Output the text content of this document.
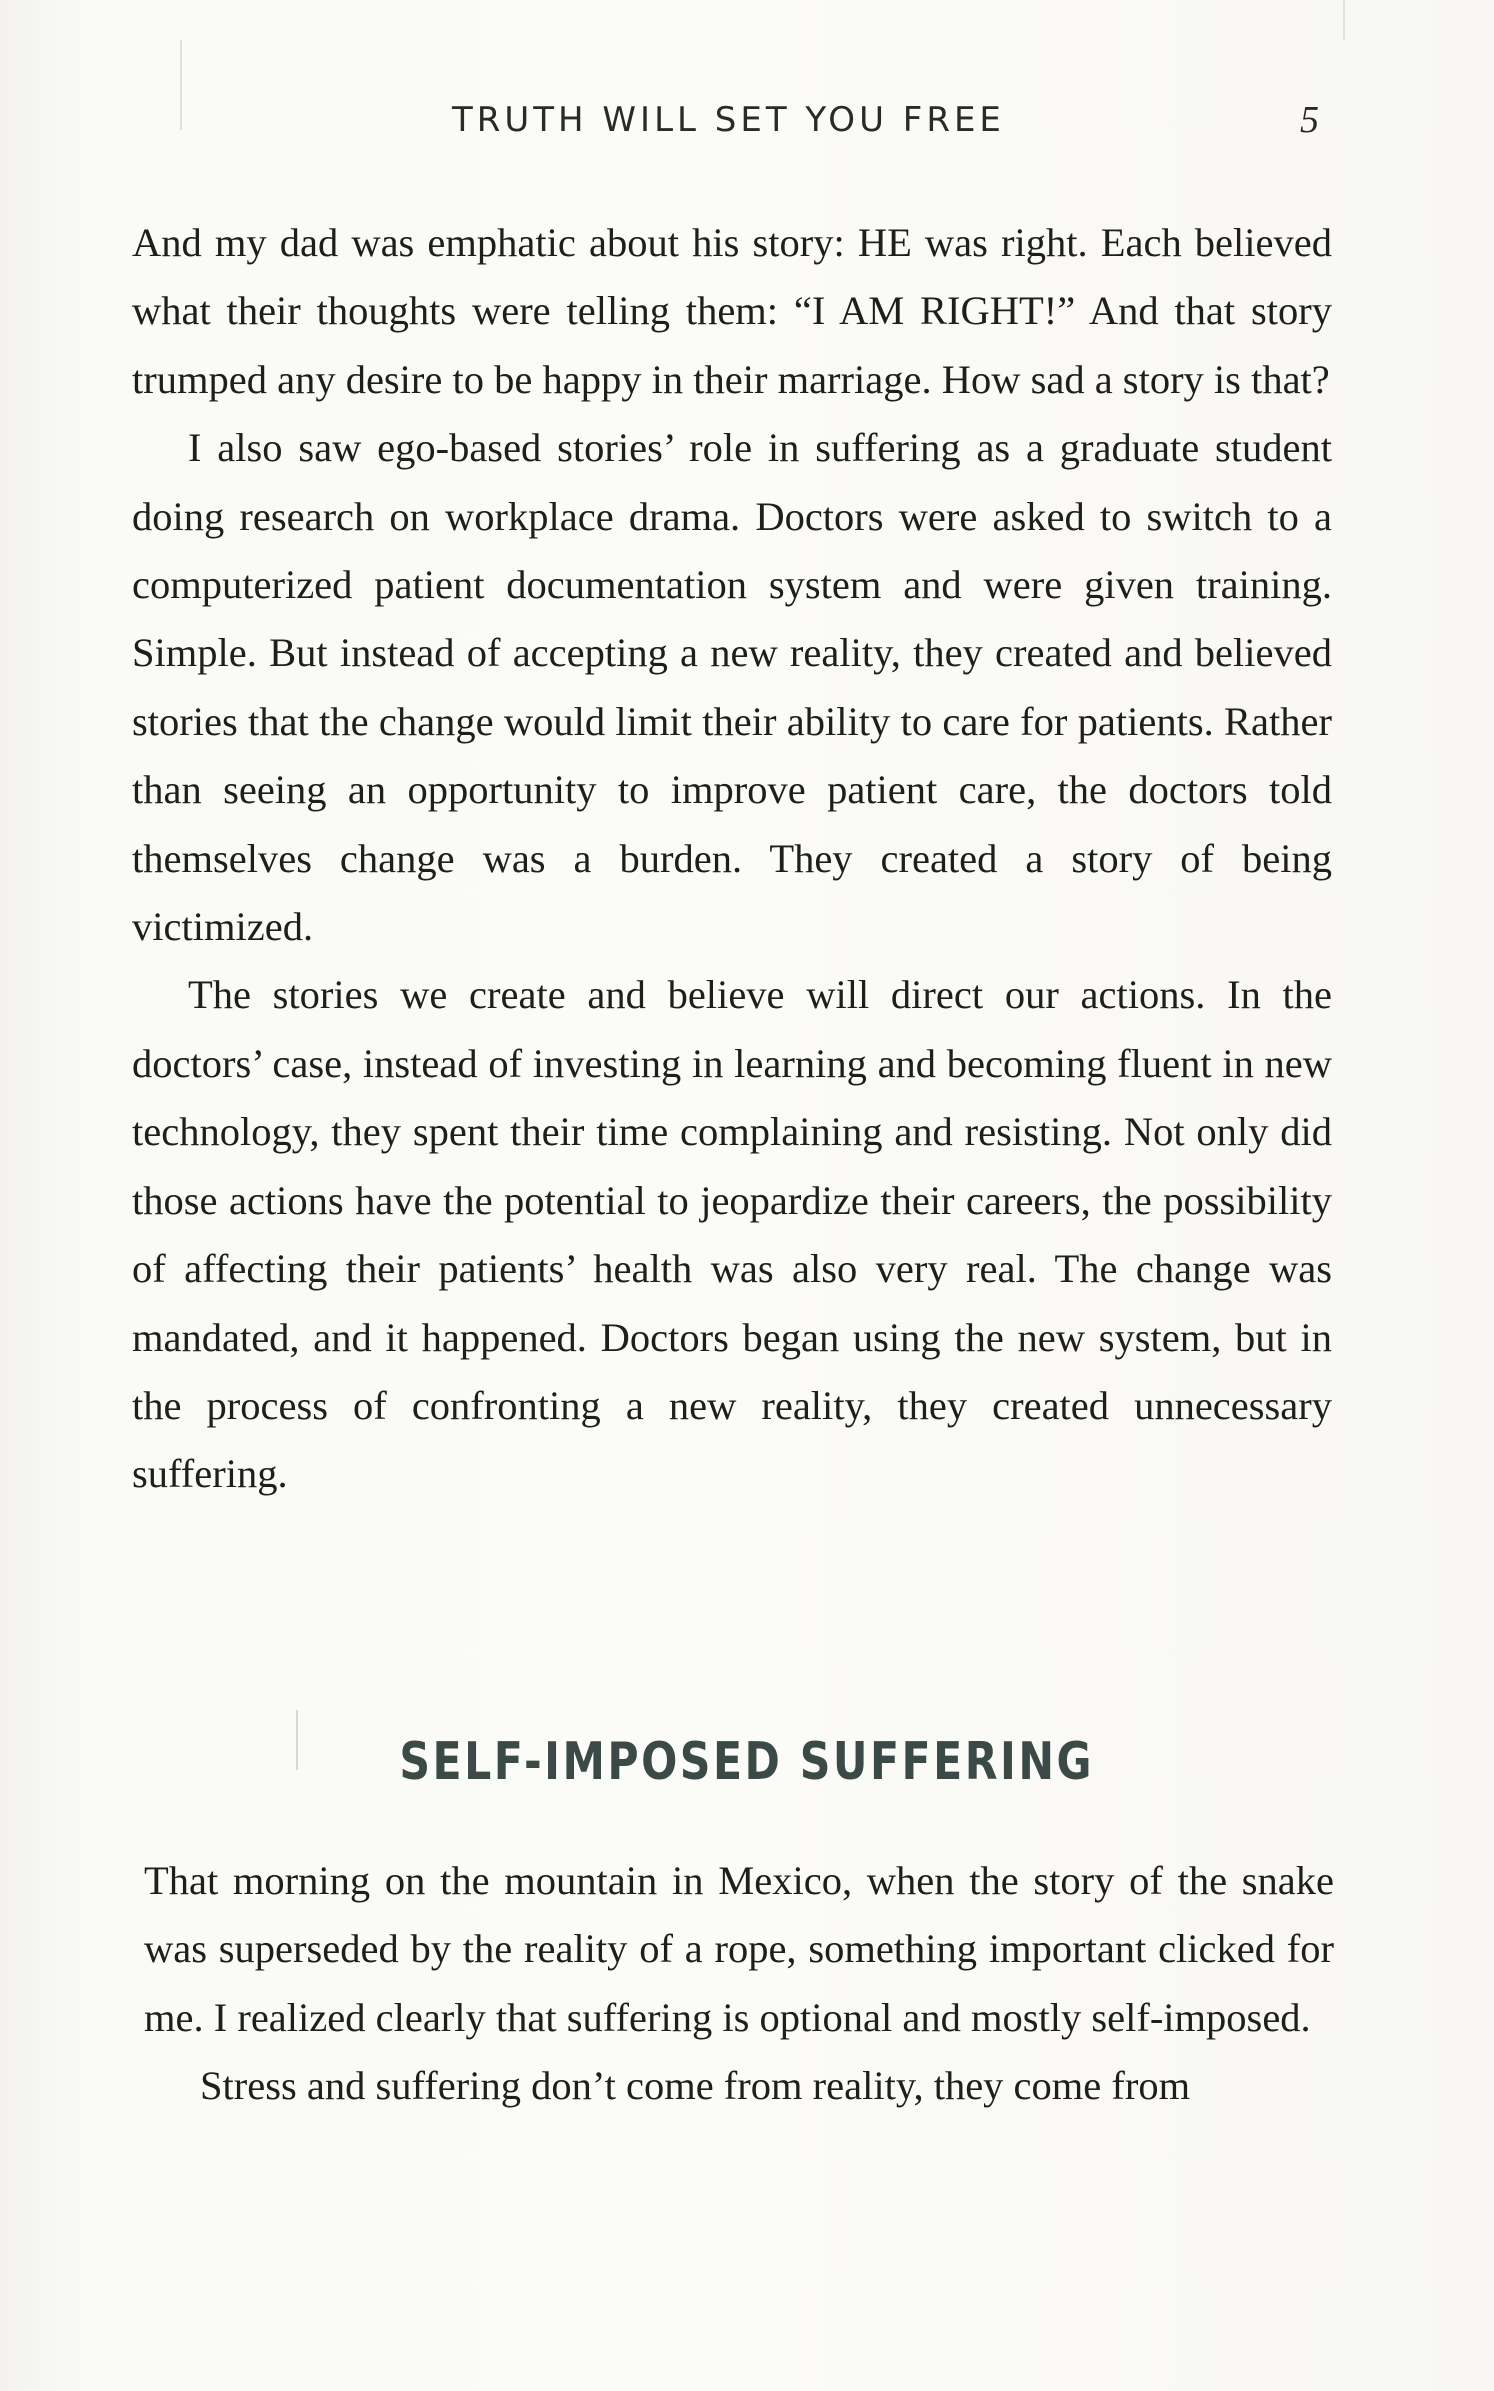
TRUTH WILL SET YOU FREE	5

And my dad was emphatic about his story: HE was right. Each believed what their thoughts were telling them: “I AM RIGHT!” And that story trumped any desire to be happy in their marriage. How sad a story is that?

I also saw ego-based stories’ role in suffering as a graduate student doing research on workplace drama. Doctors were asked to switch to a computerized patient documentation system and were given training. Simple. But instead of accepting a new reality, they created and believed stories that the change would limit their ability to care for patients. Rather than seeing an opportunity to improve patient care, the doctors told themselves change was a burden. They created a story of being victimized.

The stories we create and believe will direct our actions. In the doctors’ case, instead of investing in learning and becoming fluent in new technology, they spent their time complaining and resisting. Not only did those actions have the potential to jeopardize their careers, the possibility of affecting their patients’ health was also very real. The change was mandated, and it happened. Doctors began using the new system, but in the process of confronting a new reality, they created unnecessary suffering.

SELF-IMPOSED SUFFERING

That morning on the mountain in Mexico, when the story of the snake was superseded by the reality of a rope, something important clicked for me. I realized clearly that suffering is optional and mostly self-imposed.

Stress and suffering don’t come from reality, they come from
